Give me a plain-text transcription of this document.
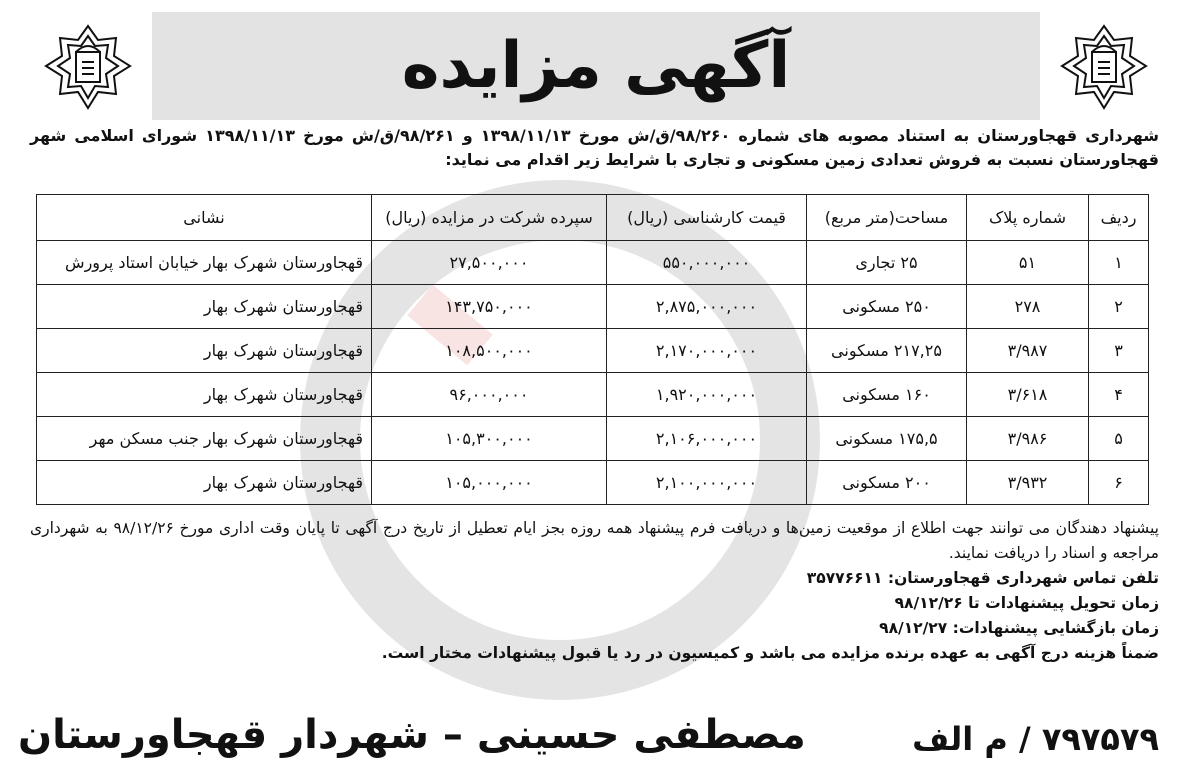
آگهی مزایده

شهرداری قهجاورستان به استناد مصوبه های شماره ۹۸/۲۶۰/ق/ش مورخ ۱۳۹۸/۱۱/۱۳ و ۹۸/۲۶۱/ق/ش مورخ ۱۳۹۸/۱۱/۱۳ شورای اسلامی شهر قهجاورستان نسبت به فروش تعدادی زمین مسکونی و تجاری با شرایط زیر اقدام می نماید:

ردیف	شماره پلاک	مساحت(متر مربع)	قیمت کارشناسی (ریال)	سپرده شرکت در مزایده (ریال)	نشانی
۱	۵۱	۲۵ تجاری	۵۵۰,۰۰۰,۰۰۰	۲۷,۵۰۰,۰۰۰	قهجاورستان شهرک بهار خیابان استاد پرورش
۲	۲۷۸	۲۵۰ مسکونی	۲,۸۷۵,۰۰۰,۰۰۰	۱۴۳,۷۵۰,۰۰۰	قهجاورستان شهرک بهار
۳	۳/۹۸۷	۲۱۷,۲۵ مسکونی	۲,۱۷۰,۰۰۰,۰۰۰	۱۰۸,۵۰۰,۰۰۰	قهجاورستان شهرک بهار
۴	۳/۶۱۸	۱۶۰ مسکونی	۱,۹۲۰,۰۰۰,۰۰۰	۹۶,۰۰۰,۰۰۰	قهجاورستان شهرک بهار
۵	۳/۹۸۶	۱۷۵,۵ مسکونی	۲,۱۰۶,۰۰۰,۰۰۰	۱۰۵,۳۰۰,۰۰۰	قهجاورستان شهرک بهار جنب مسکن مهر
۶	۳/۹۳۲	۲۰۰ مسکونی	۲,۱۰۰,۰۰۰,۰۰۰	۱۰۵,۰۰۰,۰۰۰	قهجاورستان شهرک بهار

پیشنهاد دهندگان می توانند جهت اطلاع از موقعیت زمین‌ها و دریافت فرم پیشنهاد همه روزه بجز ایام تعطیل از تاریخ درج آگهی تا پایان وقت اداری مورخ ۹۸/۱۲/۲۶ به شهرداری مراجعه و اسناد را دریافت نمایند.

تلفن تماس شهرداری قهجاورستان: ۳۵۷۷۶۶۱۱

زمان تحویل پیشنهادات تا ۹۸/۱۲/۲۶

زمان بازگشایی پیشنهادات: ۹۸/۱۲/۲۷

ضمناً هزینه درج آگهی به عهده برنده مزایده می باشد و کمیسیون در رد یا قبول پیشنهادات مختار است.

۷۹۷۵۷۹ / م الف
مصطفی حسینی – شهردار قهجاورستان
